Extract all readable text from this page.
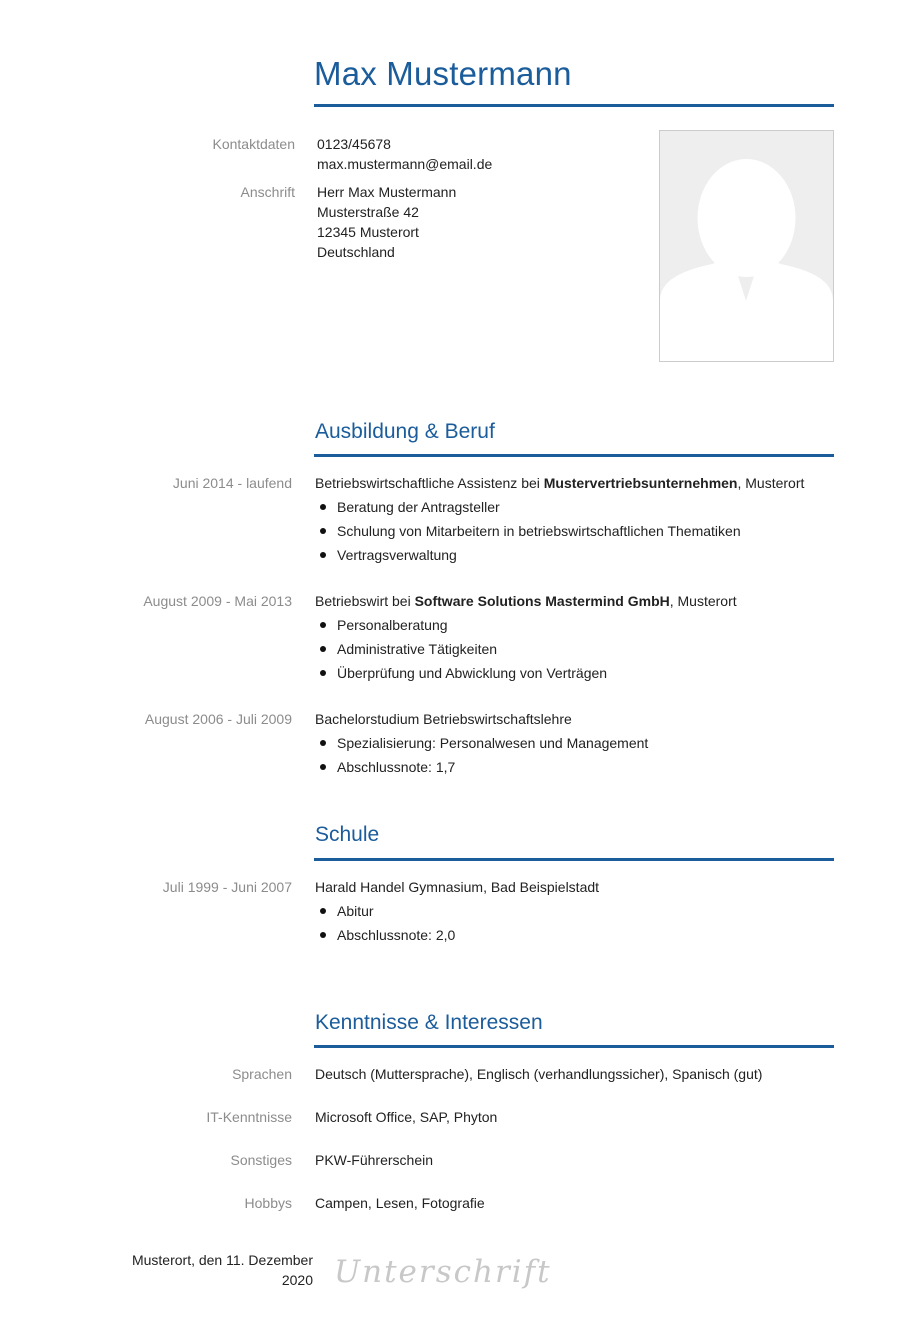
Max Mustermann
Kontaktdaten 0123/45678
max.mustermann@email.de
Anschrift Herr Max Mustermann
Musterstraße 42
12345 Musterort
Deutschland
Ausbildung & Beruf
Juni 2014 - laufend Betriebswirtschaftliche Assistenz bei Mustervertriebsunternehmen, Musterort
Beratung der Antragsteller
Schulung von Mitarbeitern in betriebswirtschaftlichen Thematiken
Vertragsverwaltung
August 2009 - Mai 2013 Betriebswirt bei Software Solutions Mastermind GmbH, Musterort
Personalberatung
Administrative Tätigkeiten
Überprüfung und Abwicklung von Verträgen
August 2006 - Juli 2009 Bachelorstudium Betriebswirtschaftslehre
Spezialisierung: Personalwesen und Management
Abschlussnote: 1,7
Schule
Juli 1999 - Juni 2007 Harald Handel Gymnasium, Bad Beispielstadt
Abitur
Abschlussnote: 2,0
Kenntnisse & Interessen
Sprachen Deutsch (Muttersprache), Englisch (verhandlungssicher), Spanisch (gut)
IT-Kenntnisse Microsoft Office, SAP, Phyton
Sonstiges PKW-Führerschein
Hobbys Campen, Lesen, Fotografie
Musterort, den 11. Dezember
2020 Unterschrift
